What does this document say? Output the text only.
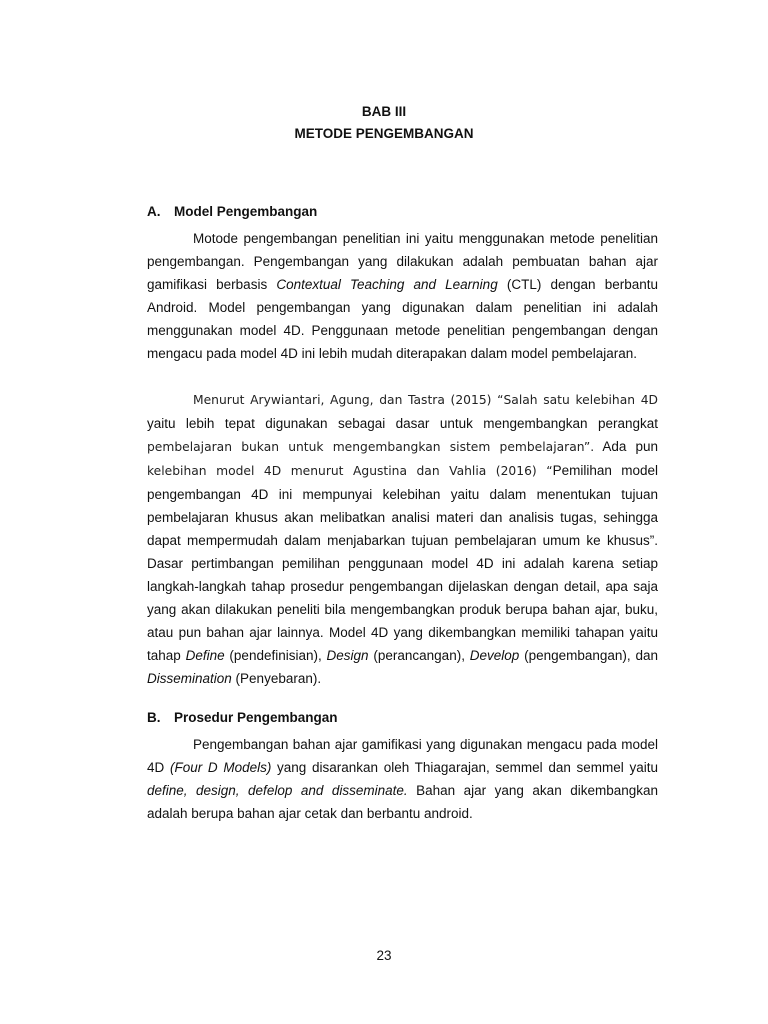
BAB III
METODE PENGEMBANGAN
A. Model Pengembangan

Motode pengembangan penelitian ini yaitu menggunakan metode penelitian pengembangan. Pengembangan yang dilakukan adalah pembuatan bahan ajar gamifikasi berbasis Contextual Teaching and Learning (CTL) dengan berbantu Android. Model pengembangan yang digunakan dalam penelitian ini adalah menggunakan model 4D. Penggunaan metode penelitian pengembangan dengan mengacu pada model 4D ini lebih mudah diterapakan dalam model pembelajaran.

Menurut Arywiantari, Agung, dan Tastra (2015) “Salah satu kelebihan 4D yaitu lebih tepat digunakan sebagai dasar untuk mengembangkan perangkat pembelajaran bukan untuk mengembangkan sistem pembelajaran”. Ada pun kelebihan model 4D menurut Agustina dan Vahlia (2016) “Pemilihan model pengembangan 4D ini mempunyai kelebihan yaitu dalam menentukan tujuan pembelajaran khusus akan melibatkan analisi materi dan analisis tugas, sehingga dapat mempermudah dalam menjabarkan tujuan pembelajaran umum ke khusus”. Dasar pertimbangan pemilihan penggunaan model 4D ini adalah karena setiap langkah-langkah tahap prosedur pengembangan dijelaskan dengan detail, apa saja yang akan dilakukan peneliti bila mengembangkan produk berupa bahan ajar, buku, atau pun bahan ajar lainnya. Model 4D yang dikembangkan memiliki tahapan yaitu tahap Define (pendefinisian), Design (perancangan), Develop (pengembangan), dan Dissemination (Penyebaran).

B. Prosedur Pengembangan

Pengembangan bahan ajar gamifikasi yang digunakan mengacu pada model 4D (Four D Models) yang disarankan oleh Thiagarajan, semmel dan semmel yaitu define, design, defelop and disseminate. Bahan ajar yang akan dikembangkan adalah berupa bahan ajar cetak dan berbantu android.

23
